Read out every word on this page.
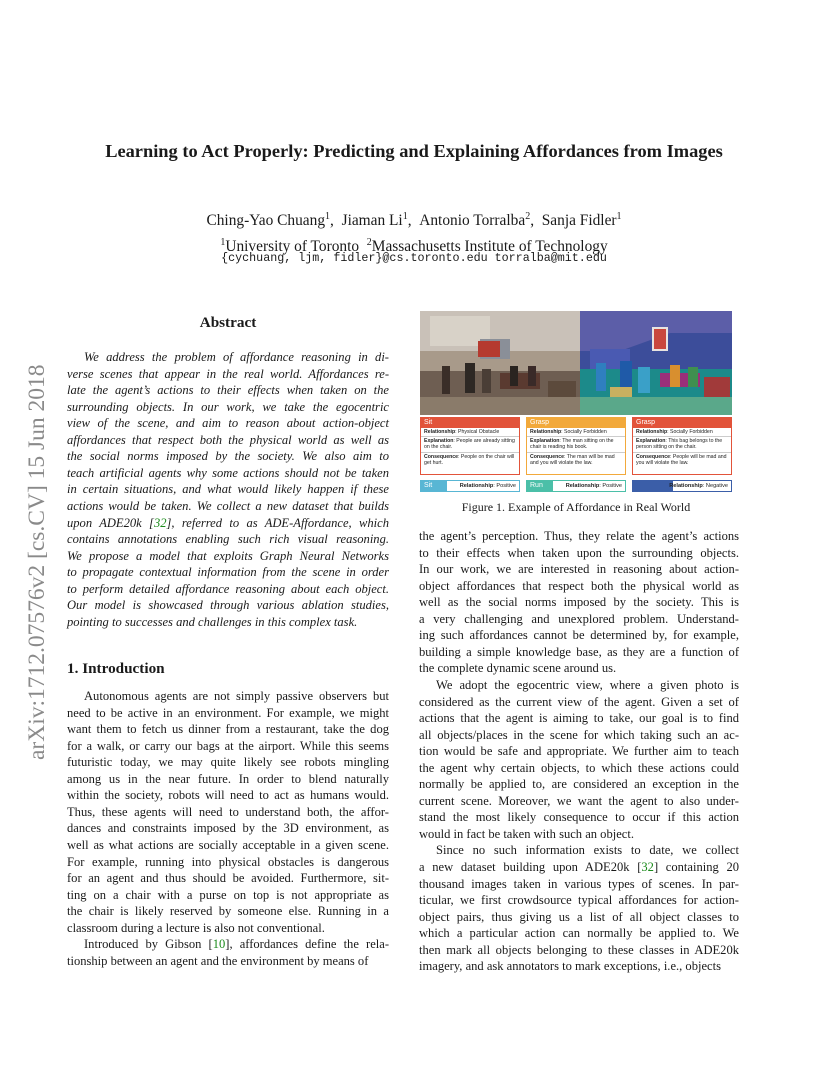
arXiv:1712.07576v2 [cs.CV] 15 Jun 2018
Learning to Act Properly: Predicting and Explaining Affordances from Images
Ching-Yao Chuang$^1$, Jiaman Li$^1$, Antonio Torralba$^2$, Sanja Fidler$^1$
$^1$University of Toronto  $^2$Massachusetts Institute of Technology
{cychuang, ljm, fidler}@cs.toronto.edu torralba@mit.edu
Abstract
We address the problem of affordance reasoning in di-
verse scenes that appear in the real world. Affordances re-
late the agent’s actions to their effects when taken on the
surrounding objects. In our work, we take the egocentric
view of the scene, and aim to reason about action-object
affordances that respect both the physical world as well as
the social norms imposed by the society. We also aim to
teach artificial agents why some actions should not be taken
in certain situations, and what would likely happen if these
actions would be taken. We collect a new dataset that builds
upon ADE20k [32], referred to as ADE-Affordance, which
contains annotations enabling such rich visual reasoning.
We propose a model that exploits Graph Neural Networks
to propagate contextual information from the scene in order
to perform detailed affordance reasoning about each object.
Our model is showcased through various ablation studies,
pointing to successes and challenges in this complex task.
1. Introduction
Autonomous agents are not simply passive observers but
need to be active in an environment. For example, we might
want them to fetch us dinner from a restaurant, take the dog
for a walk, or carry our bags at the airport. While this seems
futuristic today, we may quite likely see robots mingling
among us in the near future. In order to blend naturally
within the society, robots will need to act as humans would.
Thus, these agents will need to understand both, the affor-
dances and constraints imposed by the 3D environment, as
well as what actions are socially acceptable in a given scene.
For example, running into physical obstacles is dangerous
for an agent and thus should be avoided. Furthermore, sit-
ting on a chair with a purse on top is not appropriate as
the chair is likely reserved by someone else. Running in a
classroom during a lecture is also not conventional.
Introduced by Gibson [10], affordances define the rela-
tionship between an agent and the environment by means of
Sit
Relationship: Physical Obstacle
Explanation: People are already sitting on the chair.
Consequence: People on the chair will get hurt.
Grasp
Relationship: Socially Forbidden
Explanation: The man sitting on the chair is reading his book.
Consequence: The man will be mad and you will violate the law.
Grasp
Relationship: Socially Forbidden
Explanation: This bag belongs to the person sitting on the chair.
Consequence: People will be mad and you will violate the law.
Sit	Relationship: Positive	Run	Relationship: Positive	Relationship: Negative
Figure 1. Example of Affordance in Real World
the agent’s perception. Thus, they relate the agent’s actions
to their effects when taken upon the surrounding objects.
In our work, we are interested in reasoning about action-
object affordances that respect both the physical world as
well as the social norms imposed by the society. This is
a very challenging and unexplored problem. Understand-
ing such affordances cannot be determined by, for example,
building a simple knowledge base, as they are a function of
the complete dynamic scene around us.
We adopt the egocentric view, where a given photo is
considered as the current view of the agent. Given a set of
actions that the agent is aiming to take, our goal is to find
all objects/places in the scene for which taking such an ac-
tion would be safe and appropriate. We further aim to teach
the agent why certain objects, to which these actions could
normally be applied to, are considered an exception in the
current scene. Moreover, we want the agent to also under-
stand the most likely consequence to occur if this action
would in fact be taken with such an object.
Since no such information exists to date, we collect
a new dataset building upon ADE20k [32] containing 20
thousand images taken in various types of scenes. In par-
ticular, we first crowdsource typical affordances for action-
object pairs, thus giving us a list of all object classes to
which a particular action can normally be applied to. We
then mark all objects belonging to these classes in ADE20k
imagery, and ask annotators to mark exceptions, i.e., objects
